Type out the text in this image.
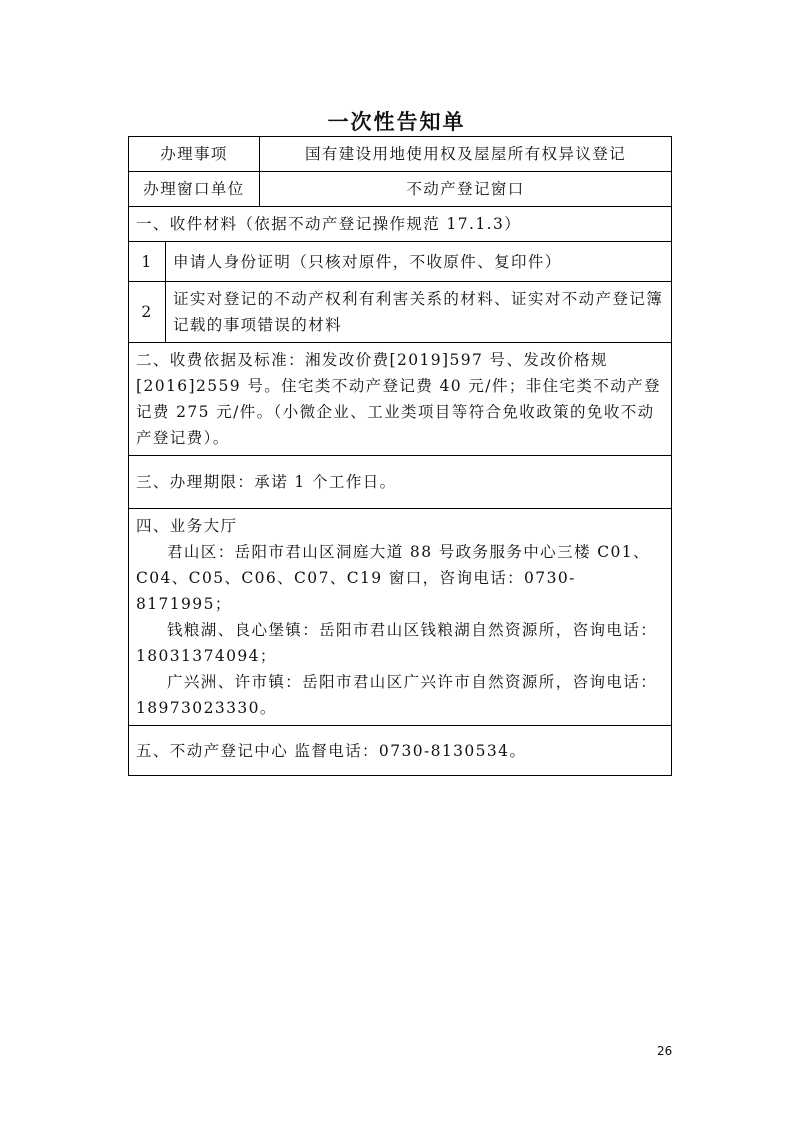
一次性告知单
办理事项		国有建设用地使用权及屋屋所有权异议登记
办理窗口单位		不动产登记窗口
一、收件材料（依据不动产登记操作规范 17.1.3）		
1	申请人身份证明（只核对原件，不收原件、复印件）	
2	证实对登记的不动产权利有利害关系的材料、证实对不动产登记簿记载的事项错误的材料	
二、收费依据及标准：湘发改价费[2019]597 号、发改价格规[2016]2559 号。住宅类不动产登记费 40 元/件；非住宅类不动产登记费 275 元/件。（小微企业、工业类项目等符合免收政策的免收不动产登记费）。		
三、办理期限：承诺 1 个工作日。		

四、业务大厅
君山区：岳阳市君山区洞庭大道 88 号政务服务中心三楼 C01、C04、C05、C06、C07、C19 窗口，咨询电话：0730-8171995；
钱粮湖、良心堡镇：岳阳市君山区钱粮湖自然资源所，咨询电话：18031374094；
广兴洲、许市镇：岳阳市君山区广兴许市自然资源所，咨询电话：18973023330。		

五、不动产登记中心 监督电话：0730-8130534。		
26
